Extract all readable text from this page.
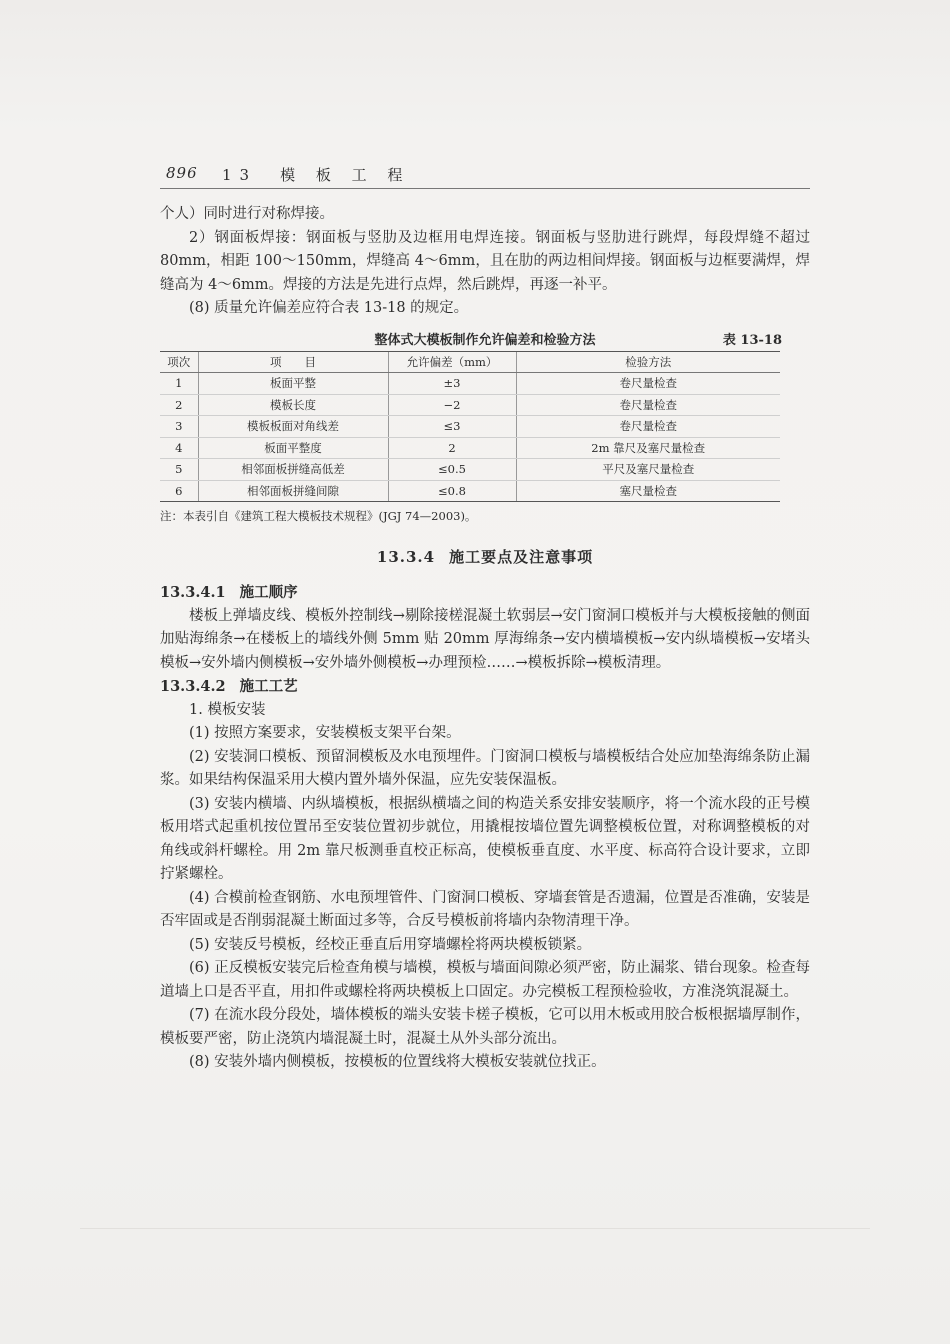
896 13　模 板 工 程

个人）同时进行对称焊接。

2）钢面板焊接：钢面板与竖肋及边框用电焊连接。钢面板与竖肋进行跳焊，每段焊缝不超过 80mm，相距 100～150mm，焊缝高 4～6mm，且在肋的两边相间焊接。钢面板与边框要满焊，焊缝高为 4～6mm。焊接的方法是先进行点焊，然后跳焊，再逐一补平。

(8) 质量允许偏差应符合表 13-18 的规定。

整体式大模板制作允许偏差和检验方法	表 13-18
项次	项　　目	允许偏差（mm）	检验方法
1	板面平整	±3	卷尺量检查
2	模板长度	−2	卷尺量检查
3	模板板面对角线差	≤3	卷尺量检查
4	板面平整度	2	2m 靠尺及塞尺量检查
5	相邻面板拼缝高低差	≤0.5	平尺及塞尺量检查
6	相邻面板拼缝间隙	≤0.8	塞尺量检查
注：本表引自《建筑工程大模板技术规程》(JGJ 74—2003)。
13.3.4 施工要点及注意事项

13.3.4.1 施工顺序

楼板上弹墙皮线、模板外控制线→剔除接槎混凝土软弱层→安门窗洞口模板并与大模板接触的侧面加贴海绵条→在楼板上的墙线外侧 5mm 贴 20mm 厚海绵条→安内横墙模板→安内纵墙模板→安堵头模板→安外墙内侧模板→安外墙外侧模板→办理预检……→模板拆除→模板清理。

13.3.4.2 施工工艺

1. 模板安装

(1) 按照方案要求，安装模板支架平台架。

(2) 安装洞口模板、预留洞模板及水电预埋件。门窗洞口模板与墙模板结合处应加垫海绵条防止漏浆。如果结构保温采用大模内置外墙外保温，应先安装保温板。

(3) 安装内横墙、内纵墙模板，根据纵横墙之间的构造关系安排安装顺序，将一个流水段的正号模板用塔式起重机按位置吊至安装位置初步就位，用撬棍按墙位置先调整模板位置，对称调整模板的对角线或斜杆螺栓。用 2m 靠尺板测垂直校正标高，使模板垂直度、水平度、标高符合设计要求，立即拧紧螺栓。

(4) 合模前检查钢筋、水电预埋管件、门窗洞口模板、穿墙套管是否遗漏，位置是否准确，安装是否牢固或是否削弱混凝土断面过多等，合反号模板前将墙内杂物清理干净。

(5) 安装反号模板，经校正垂直后用穿墙螺栓将两块模板锁紧。

(6) 正反模板安装完后检查角模与墙模，模板与墙面间隙必须严密，防止漏浆、错台现象。检查每道墙上口是否平直，用扣件或螺栓将两块模板上口固定。办完模板工程预检验收，方准浇筑混凝土。

(7) 在流水段分段处，墙体模板的端头安装卡槎子模板，它可以用木板或用胶合板根据墙厚制作，模板要严密，防止浇筑内墙混凝土时，混凝土从外头部分流出。

(8) 安装外墙内侧模板，按模板的位置线将大模板安装就位找正。
